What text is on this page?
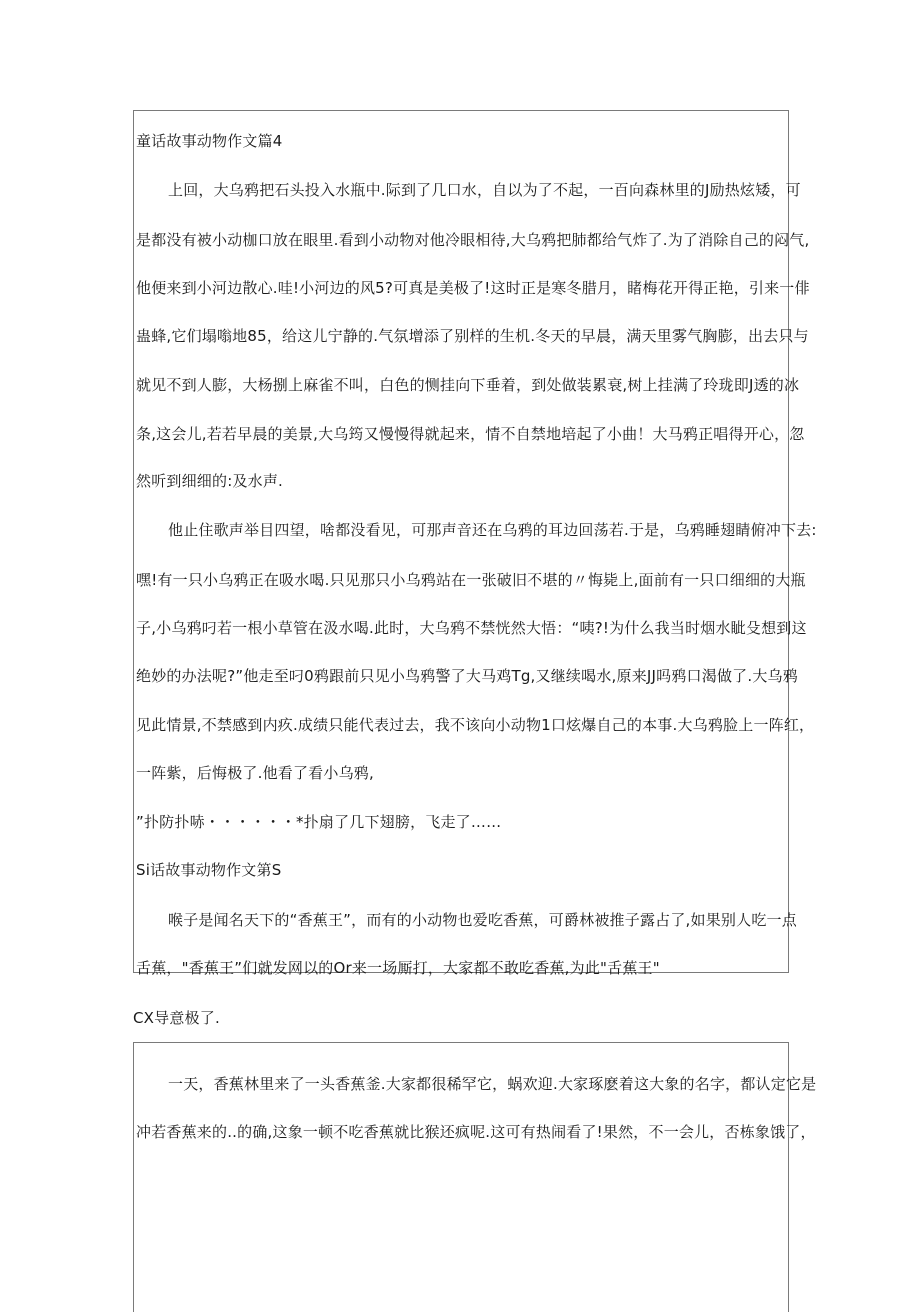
童话故事动物作文篇4
上回，大乌鸦把石头投入水瓶中.际到了几口水，自以为了不起，一百向森林里的J励热炫矮，可
是都没有被小动枷口放在眼里.看到小动物对他冷眼相待,大乌鸦把肺都给气炸了.为了消除自己的闷气,
他便来到小河边散心.哇!小河边的风5?可真是美极了!这时正是寒冬腊月，睹梅花开得正艳，引来一俳
蛊蜂,它们塌嗡地85，给这儿宁静的.气氛增添了别样的生机.冬天的早晨，满天里雾气胸膨，出去只与
就见不到人膨，大杨捌上麻雀不叫，白色的恻挂向下垂着，到处做装累衰,树上挂满了玲珑即J透的冰
条,这会儿,若若早晨的美景,大乌筠又慢慢得就起来，情不自禁地培起了小曲！大马鸦正唱得开心，忽
然听到细细的:及水声.
他止住歌声举目四望，啥都没看见，可那声音还在乌鸦的耳边回荡若.于是，乌鸦睡翅睛俯冲下去:
嘿!有一只小乌鸦正在吸水喝.只见那只小乌鸦站在一张破旧不堪的〃悔毙上,面前有一只口细细的大瓶
子,小乌鸦叼若一根小草管在汲水喝.此时，大乌鸦不禁恍然大悟：“咦?!为什么我当时烟水眦殳想到这
绝妙的办法呢?”他走至叼0鸦跟前只见小鸟鸦警了大马鸡Tg,又继续喝水,原来JJ吗鸦口渴做了.大乌鸦
见此情景,不禁感到内疚.成绩只能代表过去，我不该向小动物1口炫爆自己的本事.大乌鸦脸上一阵红，
一阵紫，后悔极了.他看了看小乌鸦,
”扑防扑哧・・・・・・*扑扇了几下翅膀，飞走了……
Si话故事动物作文第S
喉子是闻名天下的“香蕉王”，而有的小动物也爱吃香蕉，可爵林被推子露占了,如果别人吃一点
舌蕉，"香蕉王”们就发网以的Or来一场厮打，大家都不敢吃香蕉,为此"舌蕉王"
CX导意极了.
一天，香蕉林里来了一头香蕉釜.大家都很稀罕它，蜗欢迎.大家琢麽着这大象的名字，都认定它是
冲若香蕉来的..的确,这象一顿不吃香蕉就比猴还疯呢.这可有热闹看了!果然，不一会儿，否栋象饿了，
